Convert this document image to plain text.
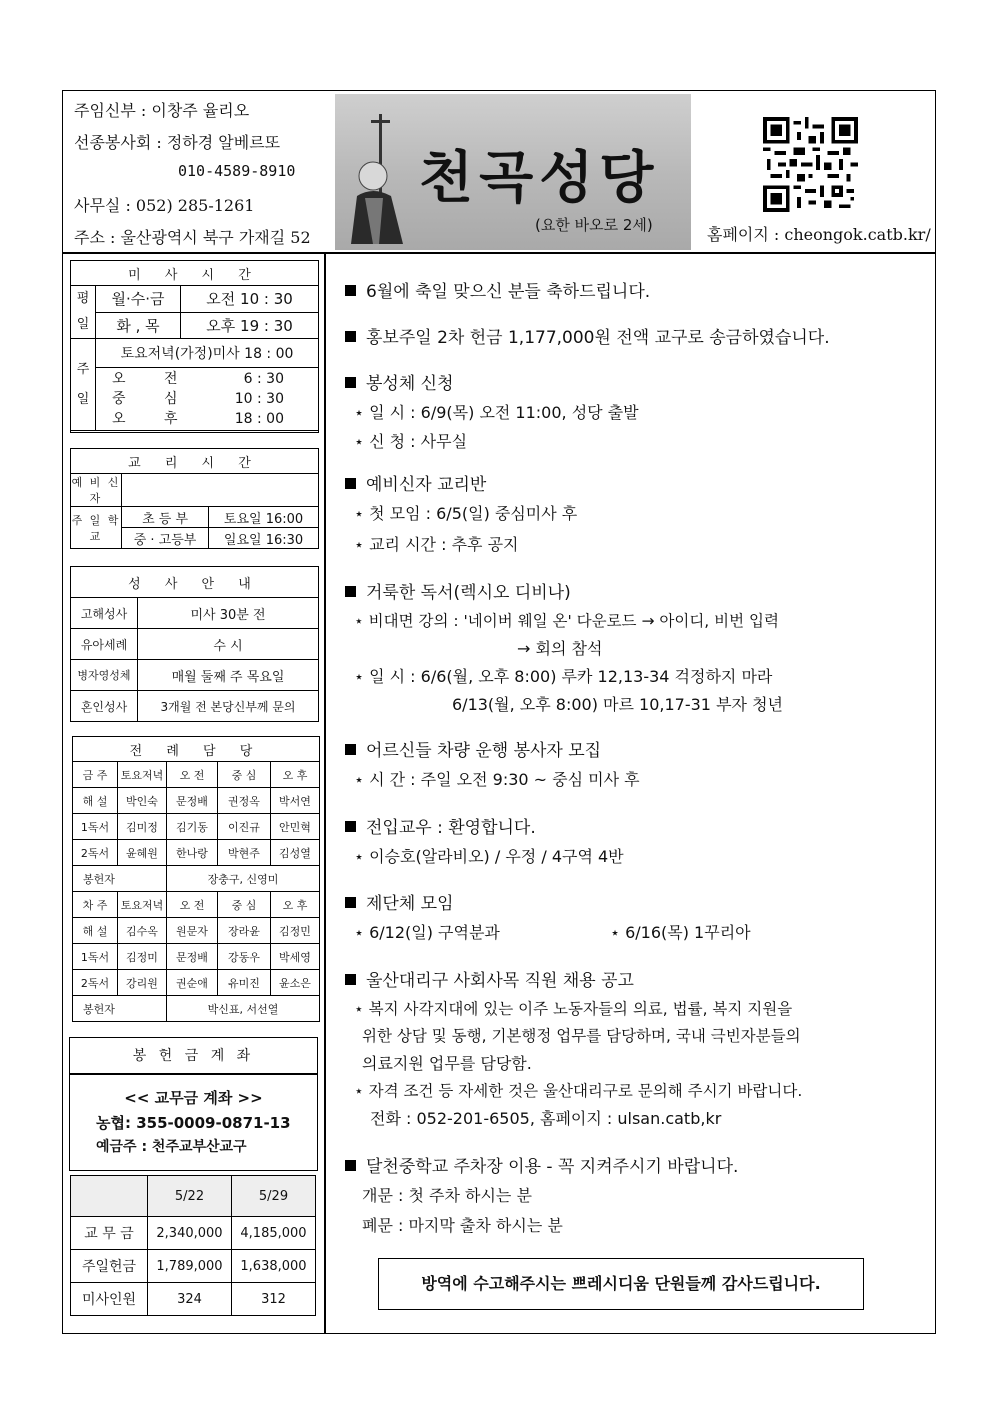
주임신부 : 이창주 율리오
선종봉사회 : 정하경 알베르또
010-4589-8910
사무실 : 052) 285-1261
주소 : 울산광역시 북구 가재길 52
천곡성당
(요한 바오로 2세)	홈페이지 : cheongok.catb.kr/
미 사 시 간		
평일	월·수·금	오전 10 : 30
	화 , 목	오후 19 : 30
주일	토요저녁(가정)미사 18 : 00	

	오 전 6 : 30
중 심 10 : 30
오 후 18 : 00	
교 리 시 간		
예 비 신 자		
주 일 학 교	초 등 부	토요일 16:00
	중 · 고등부	일요일 16:30
성 사 안 내	
고해성사	미사 30분 전
유아세례	수 시
병자영성체	매월 둘째 주 목요일
혼인성사	3개월 전 본당신부께 문의
전 례 담 당				
금 주	토요저녁	오 전	중 심	오 후
해 설	박인숙	문정배	권정옥	박서연
1독서	김미정	김기동	이진규	안민혁
2독서	윤혜원	한나랑	박현주	김성열
봉헌자		장충구, 신영미		
차 주	토요저녁	오 전	중 심	오 후
해 설	김수옥	원문자	장라윤	김정민
1독서	김정미	문정배	강동우	박세영
2독서	강리원	권순애	유미진	윤소은
봉헌자		박신표, 서선열		
봉 헌 금 계 좌
<< 교무금 계좌 >>
농협: 355-0009-0871-13
예금주 : 천주교부산교구
	5/22	5/29
교 무 금	2,340,000	4,185,000
주일헌금	1,789,000	1,638,000
미사인원	324	312
6월에 축일 맞으신 분들 축하드립니다.
홍보주일 2차 헌금 1,177,000원 전액 교구로 송금하였습니다.
봉성체 신청
⋆ 일 시 : 6/9(목) 오전 11:00, 성당 출발
⋆ 신 청 : 사무실
예비신자 교리반
⋆ 첫 모임 : 6/5(일) 중심미사 후
⋆ 교리 시간 : 추후 공지
거룩한 독서(렉시오 디비나)
⋆ 비대면 강의 : '네이버 웨일 온' 다운로드 → 아이디, 비번 입력
→ 회의 참석
⋆ 일 시 : 6/6(월, 오후 8:00) 루카 12,13-34 걱정하지 마라
6/13(월, 오후 8:00) 마르 10,17-31 부자 청년
어르신들 차량 운행 봉사자 모집
⋆ 시 간 : 주일 오전 9:30 ~ 중심 미사 후
전입교우 : 환영합니다.
⋆ 이승호(알라비오) / 우정 / 4구역 4반
제단체 모임
⋆ 6/12(일) 구역분과	⋆ 6/16(목) 1꾸리아
울산대리구 사회사목 직원 채용 공고
⋆ 복지 사각지대에 있는 이주 노동자들의 의료, 법률, 복지 지원을
위한 상담 및 동행, 기본행정 업무를 담당하며, 국내 극빈자분들의
의료지원 업무를 담당함.
⋆ 자격 조건 등 자세한 것은 울산대리구로 문의해 주시기 바랍니다.
전화 : 052-201-6505, 홈페이지 : ulsan.catb,kr
달천중학교 주차장 이용 - 꼭 지켜주시기 바랍니다.
개문 : 첫 주차 하시는 분
폐문 : 마지막 출차 하시는 분
방역에 수고해주시는 쁘레시디움 단원들께 감사드립니다.
